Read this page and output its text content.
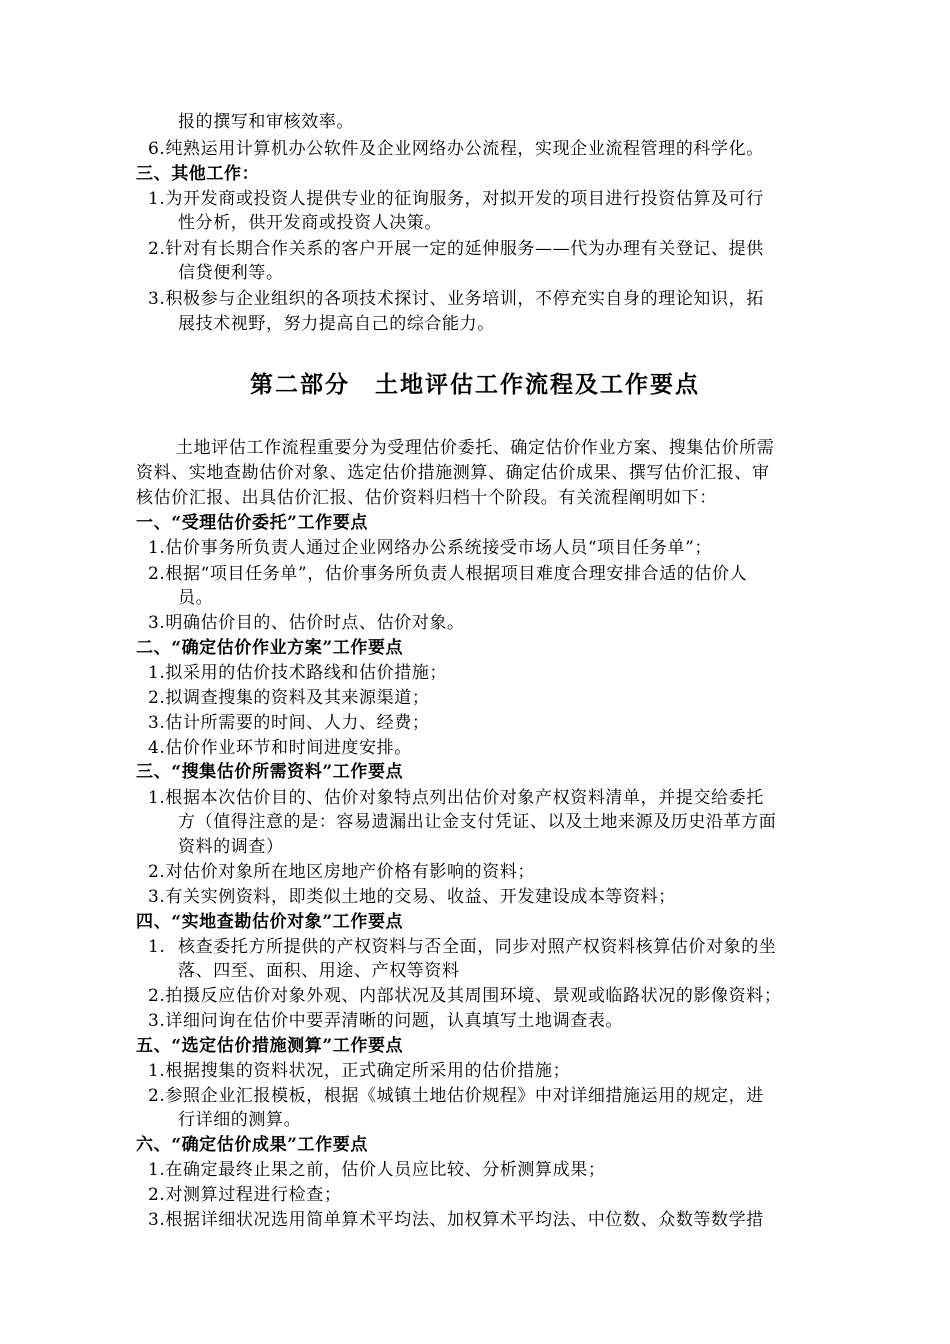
报的撰写和审核效率。
6.纯熟运用计算机办公软件及企业网络办公流程，实现企业流程管理的科学化。
三、其他工作：
1.为开发商或投资人提供专业的征询服务，对拟开发的项目进行投资估算及可行
性分析，供开发商或投资人决策。
2.针对有长期合作关系的客户开展一定的延伸服务——代为办理有关登记、提供
信贷便利等。
3.积极参与企业组织的各项技术探讨、业务培训，不停充实自身的理论知识，拓
展技术视野，努力提高自己的综合能力。
第二部分　土地评估工作流程及工作要点
土地评估工作流程重要分为受理估价委托、确定估价作业方案、搜集估价所需
资料、实地查勘估价对象、选定估价措施测算、确定估价成果、撰写估价汇报、审
核估价汇报、出具估价汇报、估价资料归档十个阶段。有关流程阐明如下：
一、“受理估价委托”工作要点
1.估价事务所负责人通过企业网络办公系统接受市场人员“项目任务单”；
2.根据“项目任务单”，估价事务所负责人根据项目难度合理安排合适的估价人
员。
3.明确估价目的、估价时点、估价对象。
二、“确定估价作业方案”工作要点
1.拟采用的估价技术路线和估价措施；
2.拟调查搜集的资料及其来源渠道；
3.估计所需要的时间、人力、经费；
4.估价作业环节和时间进度安排。
三、“搜集估价所需资料”工作要点
1.根据本次估价目的、估价对象特点列出估价对象产权资料清单，并提交给委托
方（值得注意的是：容易遗漏出让金支付凭证、以及土地来源及历史沿革方面
资料的调查）
2.对估价对象所在地区房地产价格有影响的资料；
3.有关实例资料，即类似土地的交易、收益、开发建设成本等资料；
四、“实地查勘估价对象”工作要点
1. 核查委托方所提供的产权资料与否全面，同步对照产权资料核算估价对象的坐
落、四至、面积、用途、产权等资料
2.拍摄反应估价对象外观、内部状况及其周围环境、景观或临路状况的影像资料；
3.详细问询在估价中要弄清晰的问题，认真填写土地调查表。
五、“选定估价措施测算”工作要点
1.根据搜集的资料状况，正式确定所采用的估价措施；
2.参照企业汇报模板，根据《城镇土地估价规程》中对详细措施运用的规定，进
行详细的测算。
六、“确定估价成果”工作要点
1.在确定最终止果之前，估价人员应比较、分析测算成果；
2.对测算过程进行检查；
3.根据详细状况选用简单算术平均法、加权算术平均法、中位数、众数等数学措
